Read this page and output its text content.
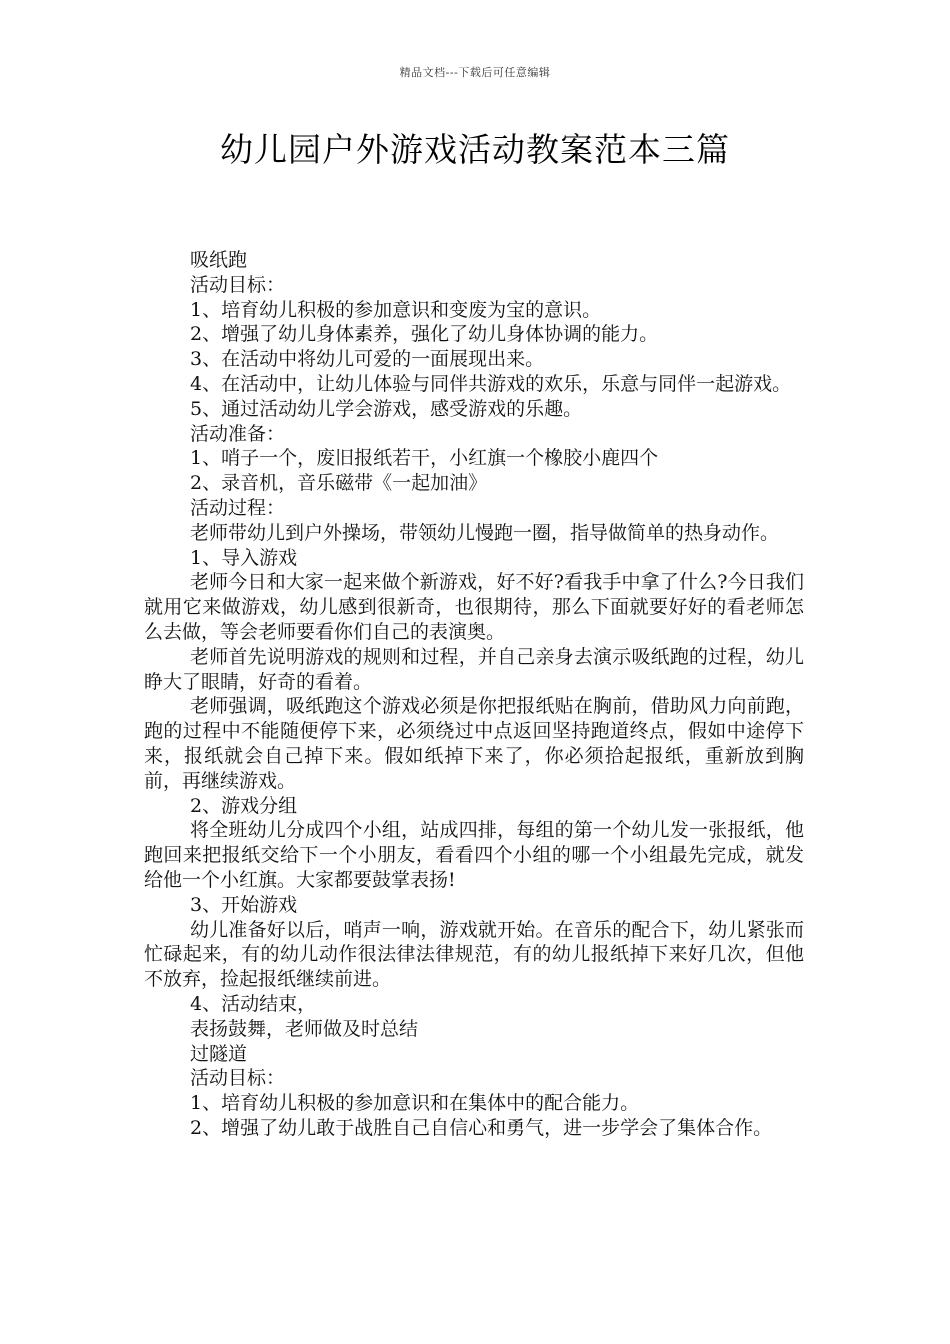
精品文档---下载后可任意编辑
幼儿园户外游戏活动教案范本三篇

吸纸跑

活动目标：

1、培育幼儿积极的参加意识和变废为宝的意识。

2、增强了幼儿身体素养，强化了幼儿身体协调的能力。

3、在活动中将幼儿可爱的一面展现出来。

4、在活动中，让幼儿体验与同伴共游戏的欢乐，乐意与同伴一起游戏。

5、通过活动幼儿学会游戏，感受游戏的乐趣。

活动准备：

1、哨子一个，废旧报纸若干，小红旗一个橡胶小鹿四个

2、录音机，音乐磁带《一起加油》

活动过程：

老师带幼儿到户外操场，带领幼儿慢跑一圈，指导做简单的热身动作。

1、导入游戏

老师今日和大家一起来做个新游戏，好不好?看我手中拿了什么?今日我们就用它来做游戏，幼儿感到很新奇，也很期待，那么下面就要好好的看老师怎么去做，等会老师要看你们自己的表演奥。

老师首先说明游戏的规则和过程，并自己亲身去演示吸纸跑的过程，幼儿睁大了眼睛，好奇的看着。

老师强调，吸纸跑这个游戏必须是你把报纸贴在胸前，借助风力向前跑，跑的过程中不能随便停下来，必须绕过中点返回坚持跑道终点，假如中途停下来，报纸就会自己掉下来。假如纸掉下来了，你必须拾起报纸，重新放到胸前，再继续游戏。

2、游戏分组

将全班幼儿分成四个小组，站成四排，每组的第一个幼儿发一张报纸，他跑回来把报纸交给下一个小朋友，看看四个小组的哪一个小组最先完成，就发给他一个小红旗。大家都要鼓掌表扬!

3、开始游戏

幼儿准备好以后，哨声一响，游戏就开始。在音乐的配合下，幼儿紧张而忙碌起来，有的幼儿动作很法律法律规范，有的幼儿报纸掉下来好几次，但他不放弃，捡起报纸继续前进。

4、活动结束，

表扬鼓舞，老师做及时总结

过隧道

活动目标：

1、培育幼儿积极的参加意识和在集体中的配合能力。

2、增强了幼儿敢于战胜自己自信心和勇气，进一步学会了集体合作。
